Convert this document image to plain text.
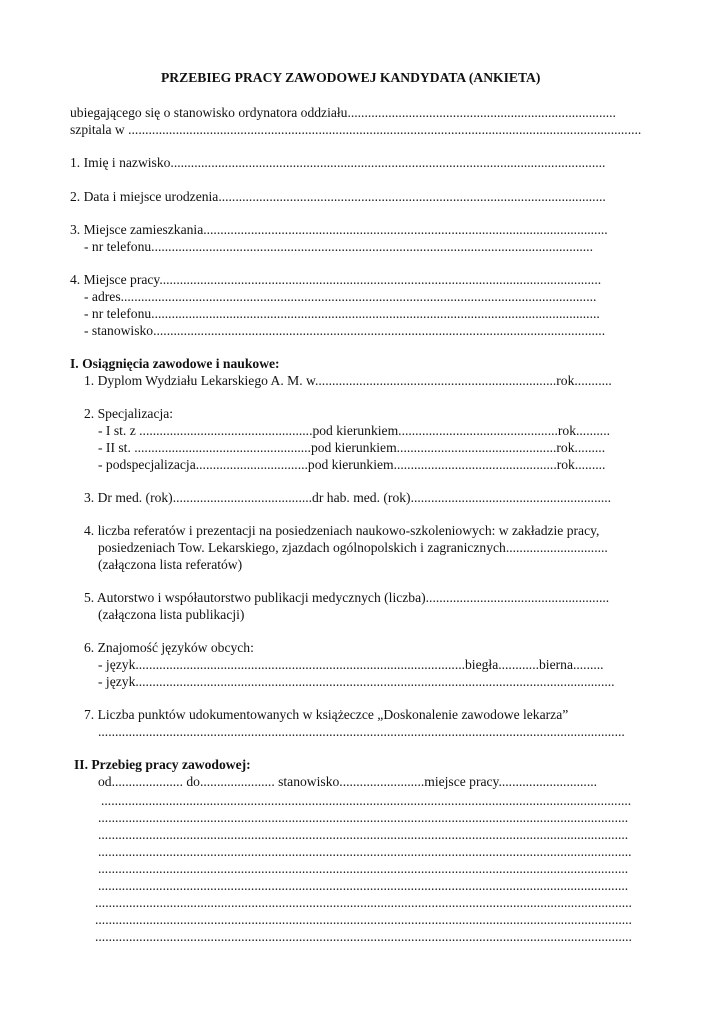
PRZEBIEG PRACY ZAWODOWEJ KANDYDATA (ANKIETA)
ubiegającego się o stanowisko ordynatora oddziału...............................................................................
szpitala w .......................................................................................................................................................
1. Imię i nazwisko................................................................................................................................
2. Data i miejsce urodzenia..................................................................................................................
3. Miejsce zamieszkania.......................................................................................................................
- nr telefonu..................................................................................................................................
4. Miejsce pracy..................................................................................................................................
- adres............................................................................................................................................
- nr telefonu....................................................................................................................................
- stanowisko.....................................................................................................................................
I. Osiągnięcia zawodowe i naukowe:
1. Dyplom Wydziału Lekarskiego A. M. w.......................................................................rok...........
2. Specjalizacja:
- I st. z ...................................................pod kierunkiem...............................................rok..........
- II st. ....................................................pod kierunkiem...............................................rok.........
- podspecjalizacja.................................pod kierunkiem................................................rok.........
3. Dr med. (rok).........................................dr hab. med. (rok)...........................................................
4. liczba referatów i prezentacji na posiedzeniach naukowo-szkoleniowych: w zakładzie pracy,
posiedzeniach Tow. Lekarskiego, zjazdach ogólnopolskich i zagranicznych..............................
(załączona lista referatów)
5. Autorstwo i współautorstwo publikacji medycznych (liczba)......................................................
(załączona lista publikacji)
6. Znajomość języków obcych:
- język.................................................................................................biegła............bierna.........
- język.............................................................................................................................................
7. Liczba punktów udokumentowanych w książeczce „Doskonalenie zawodowe lekarza”
...........................................................................................................................................................
II. Przebieg pracy zawodowej:
od..................... do...................... stanowisko.........................miejsce pracy.............................
............................................................................................................................................................
............................................................................................................................................................
............................................................................................................................................................
.............................................................................................................................................................
............................................................................................................................................................
............................................................................................................................................................
..............................................................................................................................................................
..............................................................................................................................................................
..............................................................................................................................................................
